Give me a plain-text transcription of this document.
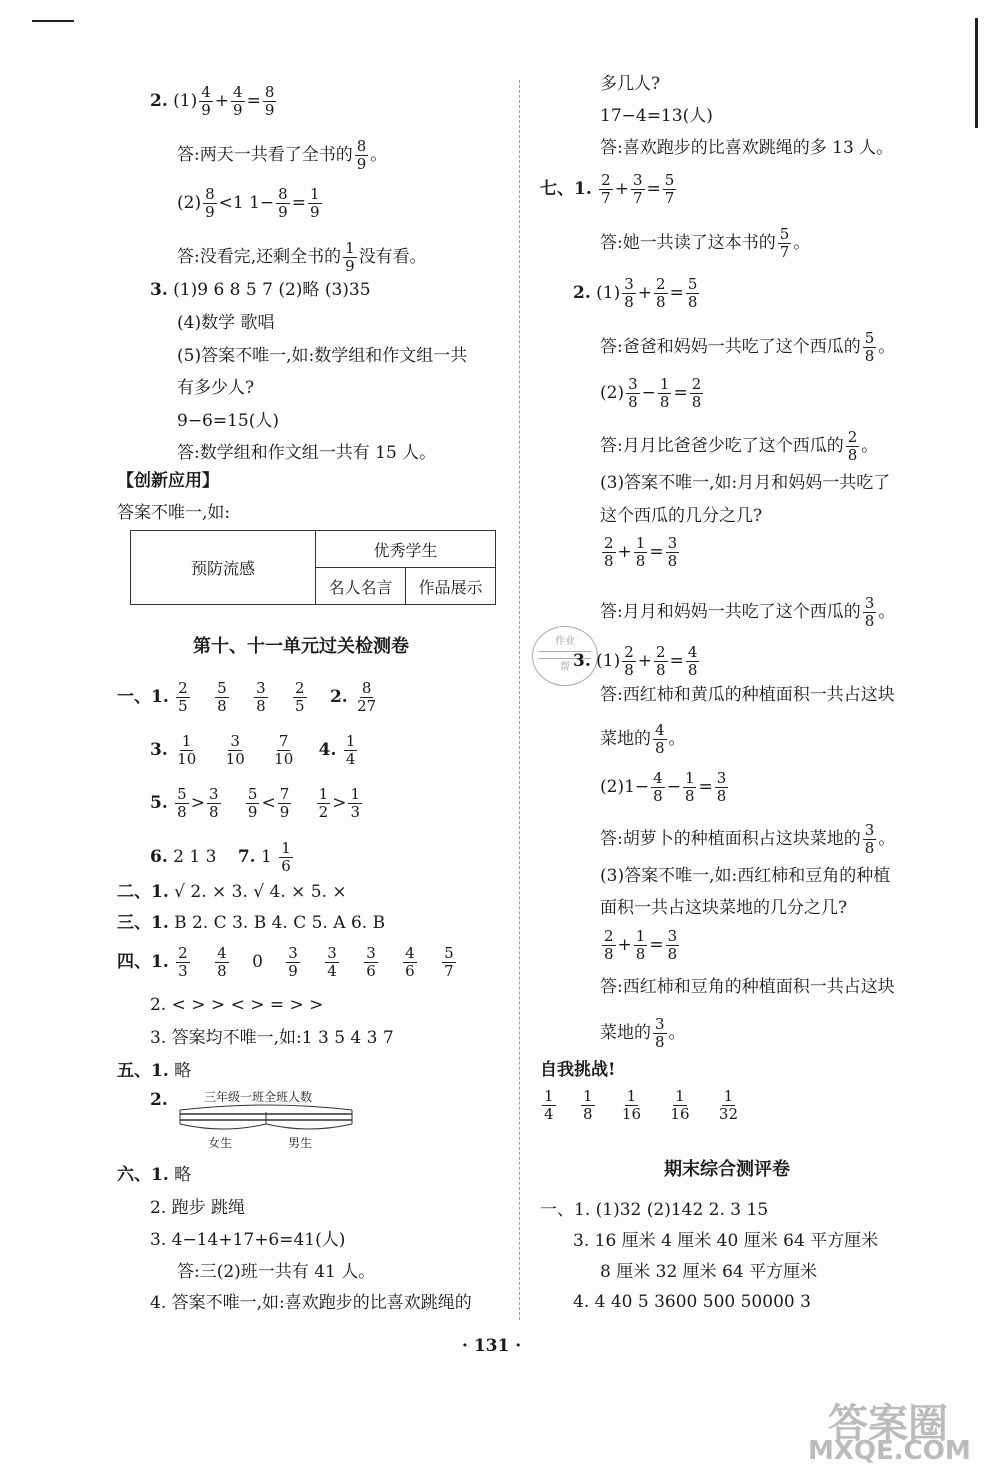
2. $(1) \frac{4}{9} + \frac{4}{9} = \frac{8}{9}$
答:两天一共看了全书的 $\frac{8}{9}$ 。
$(2) \frac{8}{9} <1$ $1- \frac{8}{9} = \frac{1}{9}$
答:没看完,还剩全书的 $\frac{1}{9}$ 没有看。
3. (1)9 6 8 5 7 (2)略 (3)35
(4)数学 歌唱
(5)答案不唯一,如:数学组和作文组一共
有多少人?
9−6=15(人)
答:数学组和作文组一共有 15 人。
【创新应用】
答案不唯一,如:
预防流感	优秀学生	
	名人名言	作品展示
第十、十一单元过关检测卷
一、1. $\frac{2}{5}$
$\frac{5}{8}$
$\frac{3}{8}$
$\frac{2}{5} 2$. $\frac{8}{27}$
3. $\frac{1}{10}$
$\frac{3}{10}$
$\frac{7}{10} 4$. $\frac{1}{4}$
5. $\frac{5}{8} > \frac{3}{8}$
$\frac{5}{9} < \frac{7}{9}$
$\frac{1}{2} > \frac{1}{3}$
6. 2 1 3 7. $1 \frac{1}{6}$
二、1. √ 2. × 3. √ 4. × 5. ×
三、1. B 2. C 3. B 4. C 5. A 6. B
四、1. $\frac{2}{3}$
$\frac{4}{8} 0 \frac{3}{9}$
$\frac{3}{4}$
$\frac{3}{6}$
$\frac{4}{6}$
$\frac{5}{7}$
2. < > > < > = > >
3. 答案均不唯一,如:1 3 5 4 3 7
五、1. 略
2.	三年级一班全班人数
女生	男生
六、1. 略
2. 跑步 跳绳
3. 4−14+17+6=41(人)
答:三(2)班一共有 41 人。
4. 答案不唯一,如:喜欢跑步的比喜欢跳绳的
多几人?
17−4=13(人)
答:喜欢跑步的比喜欢跳绳的多 13 人。
七、1. $\frac{2}{7} + \frac{3}{7} = \frac{5}{7}$
答:她一共读了这本书的 $\frac{5}{7}$ 。
2. $(1) \frac{3}{8} + \frac{2}{8} = \frac{5}{8}$
答:爸爸和妈妈一共吃了这个西瓜的 $\frac{5}{8}$ 。
$(2) \frac{3}{8} - \frac{1}{8} = \frac{2}{8}$
答:月月比爸爸少吃了这个西瓜的 $\frac{2}{8}$ 。
(3)答案不唯一,如:月月和妈妈一共吃了
这个西瓜的几分之几?
$\frac{2}{8} + \frac{1}{8} = \frac{3}{8}$
答:月月和妈妈一共吃了这个西瓜的 $\frac{3}{8}$ 。
作业
帮 3. $(1) \frac{2}{8} + \frac{2}{8} = \frac{4}{8}$
答:西红柿和黄瓜的种植面积一共占这块
菜地的 $\frac{4}{8}$ 。
$(2)1- \frac{4}{8} - \frac{1}{8} = \frac{3}{8}$
答:胡萝卜的种植面积占这块菜地的 $\frac{3}{8}$ 。
(3)答案不唯一,如:西红柿和豆角的种植
面积一共占这块菜地的几分之几?
$\frac{2}{8} + \frac{1}{8} = \frac{3}{8}$
答:西红柿和豆角的种植面积一共占这块
菜地的 $\frac{3}{8}$ 。
自我挑战!
$\frac{1}{4}$
$\frac{1}{8}$
$\frac{1}{16}$
$\frac{1}{16}$
$\frac{1}{32}$
期末综合测评卷
一、1. (1)32 (2)142 2. 3 15
3. 16 厘米 4 厘米 40 厘米 64 平方厘米
8 厘米 32 厘米 64 平方厘米
4. 4 40 5 3600 500 50000 3
· 131 ·
答案圈
MXQE.COM
